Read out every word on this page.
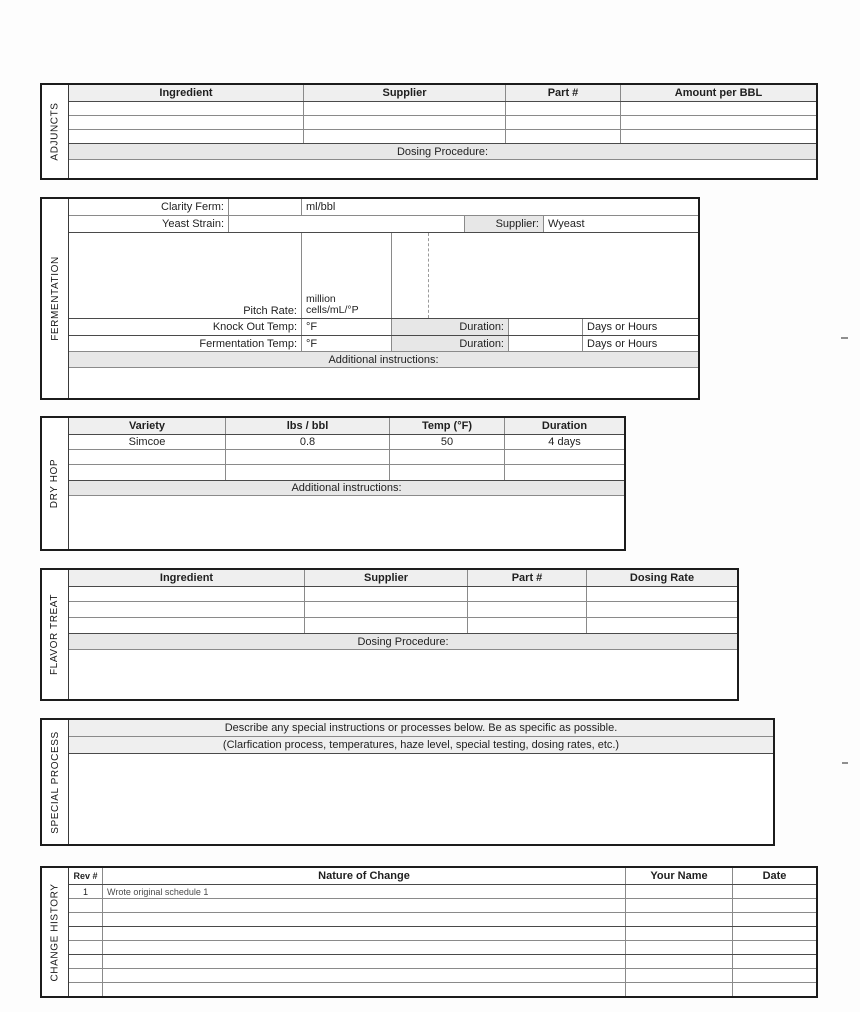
ADJUNCTS
Ingredient	Supplier	Part #	Amount per BBL
Dosing Procedure:
FERMENTATION
Clarity Ferm:	ml/bbl
Yeast Strain:	Supplier: Wyeast
Pitch Rate:
million
cells/mL/°P
Knock Out Temp: °F	Duration:	Days or Hours
Fermentation Temp: °F	Duration:	Days or Hours
Additional instructions:
DRY HOP
Variety	lbs / bbl	Temp (°F)	Duration
Simcoe	0.8	50	4 days
Additional instructions:
FLAVOR TREAT
Ingredient	Supplier	Part #	Dosing Rate
Dosing Procedure:
SPECIAL PROCESS
Describe any special instructions or processes below. Be as specific as possible.
(Clarfication process, temperatures, haze level, special testing, dosing rates, etc.)
CHANGE HISTORY
Rev #	Nature of Change	Your Name	Date
1	Wrote original schedule 1
